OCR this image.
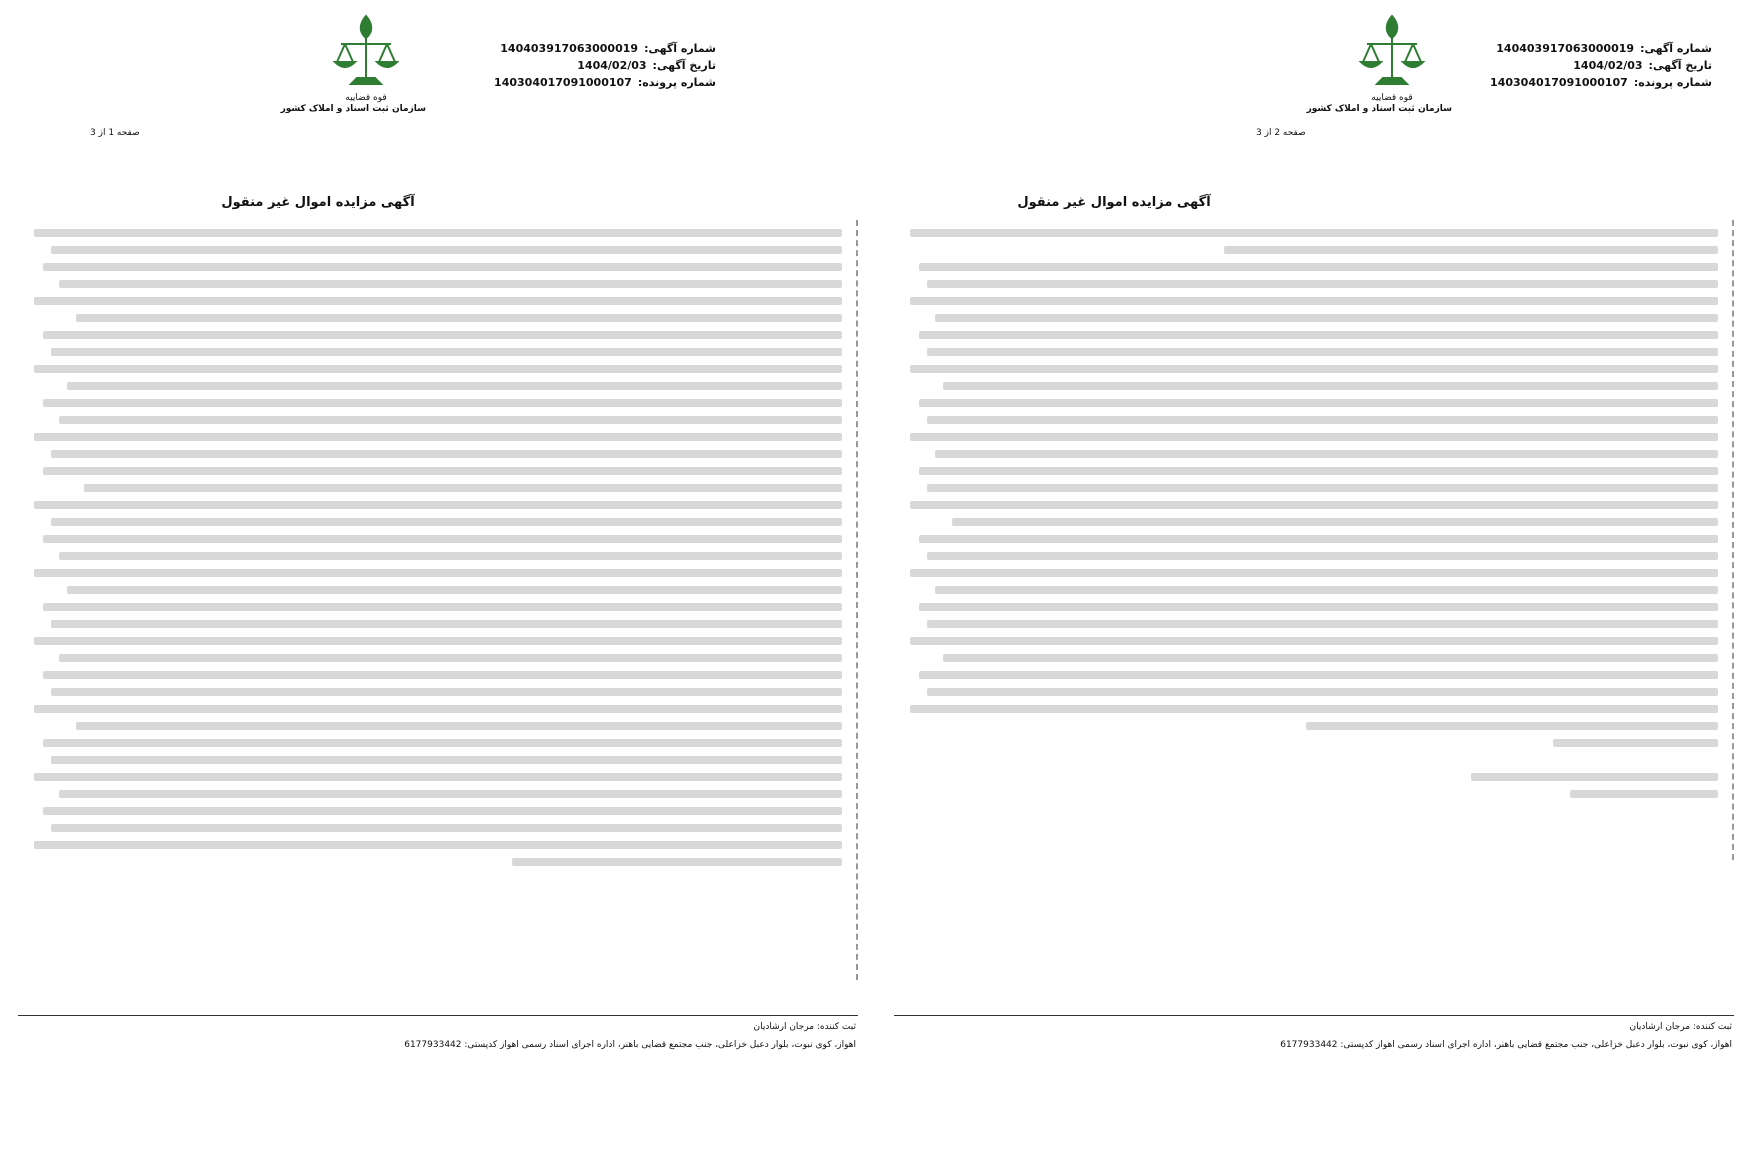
شماره آگهی:
140403917063000019
تاریخ آگهی:
1404/02/03
شماره پرونده:
140304017091000107
قوه قضاییه
سازمان ثبت اسناد و املاک کشور
صفحه 1 از 3
آگهی مزایده اموال غیر منقول
ثبت کننده: مرجان ارشادیان
اهواز، کوی نبوت، بلوار دعبل خزاعلی، جنب مجتمع قضایی باهنر، اداره اجرای اسناد رسمی اهواز کدپستی: 6177933442
شماره آگهی:
140403917063000019
تاریخ آگهی:
1404/02/03
شماره پرونده:
140304017091000107
قوه قضاییه
سازمان ثبت اسناد و املاک کشور
صفحه 2 از 3
آگهی مزایده اموال غیر منقول
ثبت کننده: مرجان ارشادیان
اهواز، کوی نبوت، بلوار دعبل خزاعلی، جنب مجتمع قضایی باهنر، اداره اجرای اسناد رسمی اهواز کدپستی: 6177933442
